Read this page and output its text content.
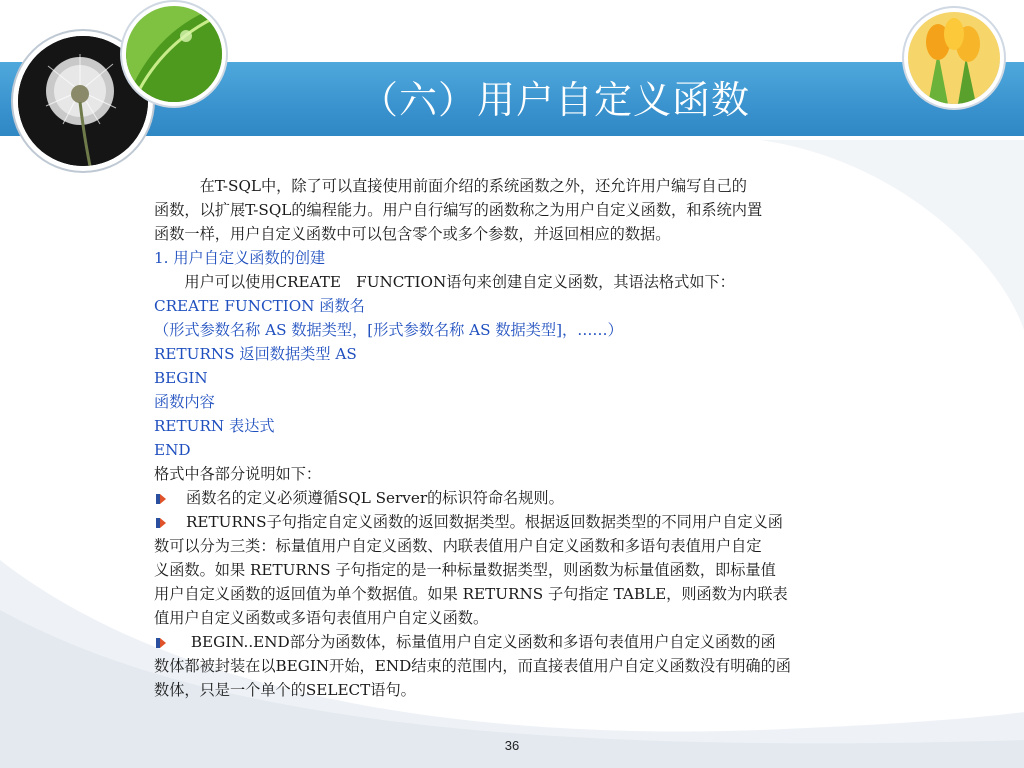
（六）用户自定义函数
　　　在T-SQL中，除了可以直接使用前面介绍的系统函数之外，还允许用户编写自己的
函数，以扩展T-SQL的编程能力。用户自行编写的函数称之为用户自定义函数，和系统内置
函数一样，用户自定义函数中可以包含零个或多个参数，并返回相应的数据。
1. 用户自定义函数的创建
　　用户可以使用CREATE　FUNCTION语句来创建自定义函数，其语法格式如下：
CREATE FUNCTION 函数名
（形式参数名称 AS 数据类型，[形式参数名称 AS 数据类型]，……）
RETURNS 返回数据类型 AS
BEGIN
函数内容
RETURN 表达式
END
格式中各部分说明如下：
函数名的定义必须遵循SQL Server的标识符命名规则。
RETURNS子句指定自定义函数的返回数据类型。根据返回数据类型的不同用户自定义函
数可以分为三类：标量值用户自定义函数、内联表值用户自定义函数和多语句表值用户自定
义函数。如果 RETURNS 子句指定的是一种标量数据类型，则函数为标量值函数，即标量值
用户自定义函数的返回值为单个数据值。如果 RETURNS 子句指定 TABLE，则函数为内联表
值用户自定义函数或多语句表值用户自定义函数。
BEGIN..END部分为函数体，标量值用户自定义函数和多语句表值用户自定义函数的函
数体都被封装在以BEGIN开始，END结束的范围内，而直接表值用户自定义函数没有明确的函
数体，只是一个单个的SELECT语句。
36
